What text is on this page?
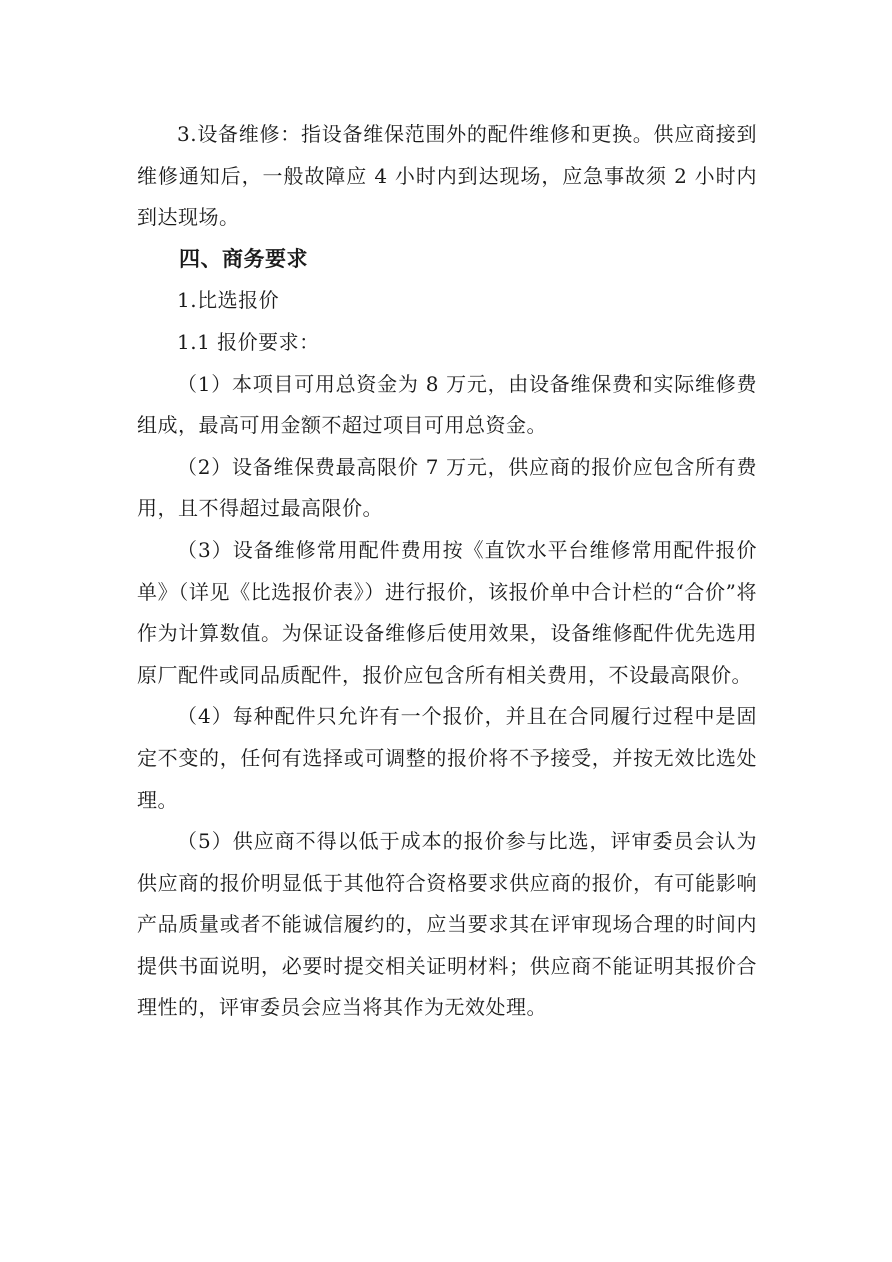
3.设备维修：指设备维保范围外的配件维修和更换。供应商接到维修通知后，一般故障应 4 小时内到达现场，应急事故须 2 小时内到达现场。

四、商务要求

1.比选报价

1.1 报价要求：

（1）本项目可用总资金为 8 万元，由设备维保费和实际维修费组成，最高可用金额不超过项目可用总资金。

（2）设备维保费最高限价 7 万元，供应商的报价应包含所有费用，且不得超过最高限价。

（3）设备维修常用配件费用按《直饮水平台维修常用配件报价单》（详见《比选报价表》）进行报价，该报价单中合计栏的“合价”将作为计算数值。为保证设备维修后使用效果，设备维修配件优先选用原厂配件或同品质配件，报价应包含所有相关费用，不设最高限价。

（4）每种配件只允许有一个报价，并且在合同履行过程中是固定不变的，任何有选择或可调整的报价将不予接受，并按无效比选处理。

（5）供应商不得以低于成本的报价参与比选，评审委员会认为供应商的报价明显低于其他符合资格要求供应商的报价，有可能影响产品质量或者不能诚信履约的，应当要求其在评审现场合理的时间内提供书面说明，必要时提交相关证明材料；供应商不能证明其报价合理性的，评审委员会应当将其作为无效处理。
